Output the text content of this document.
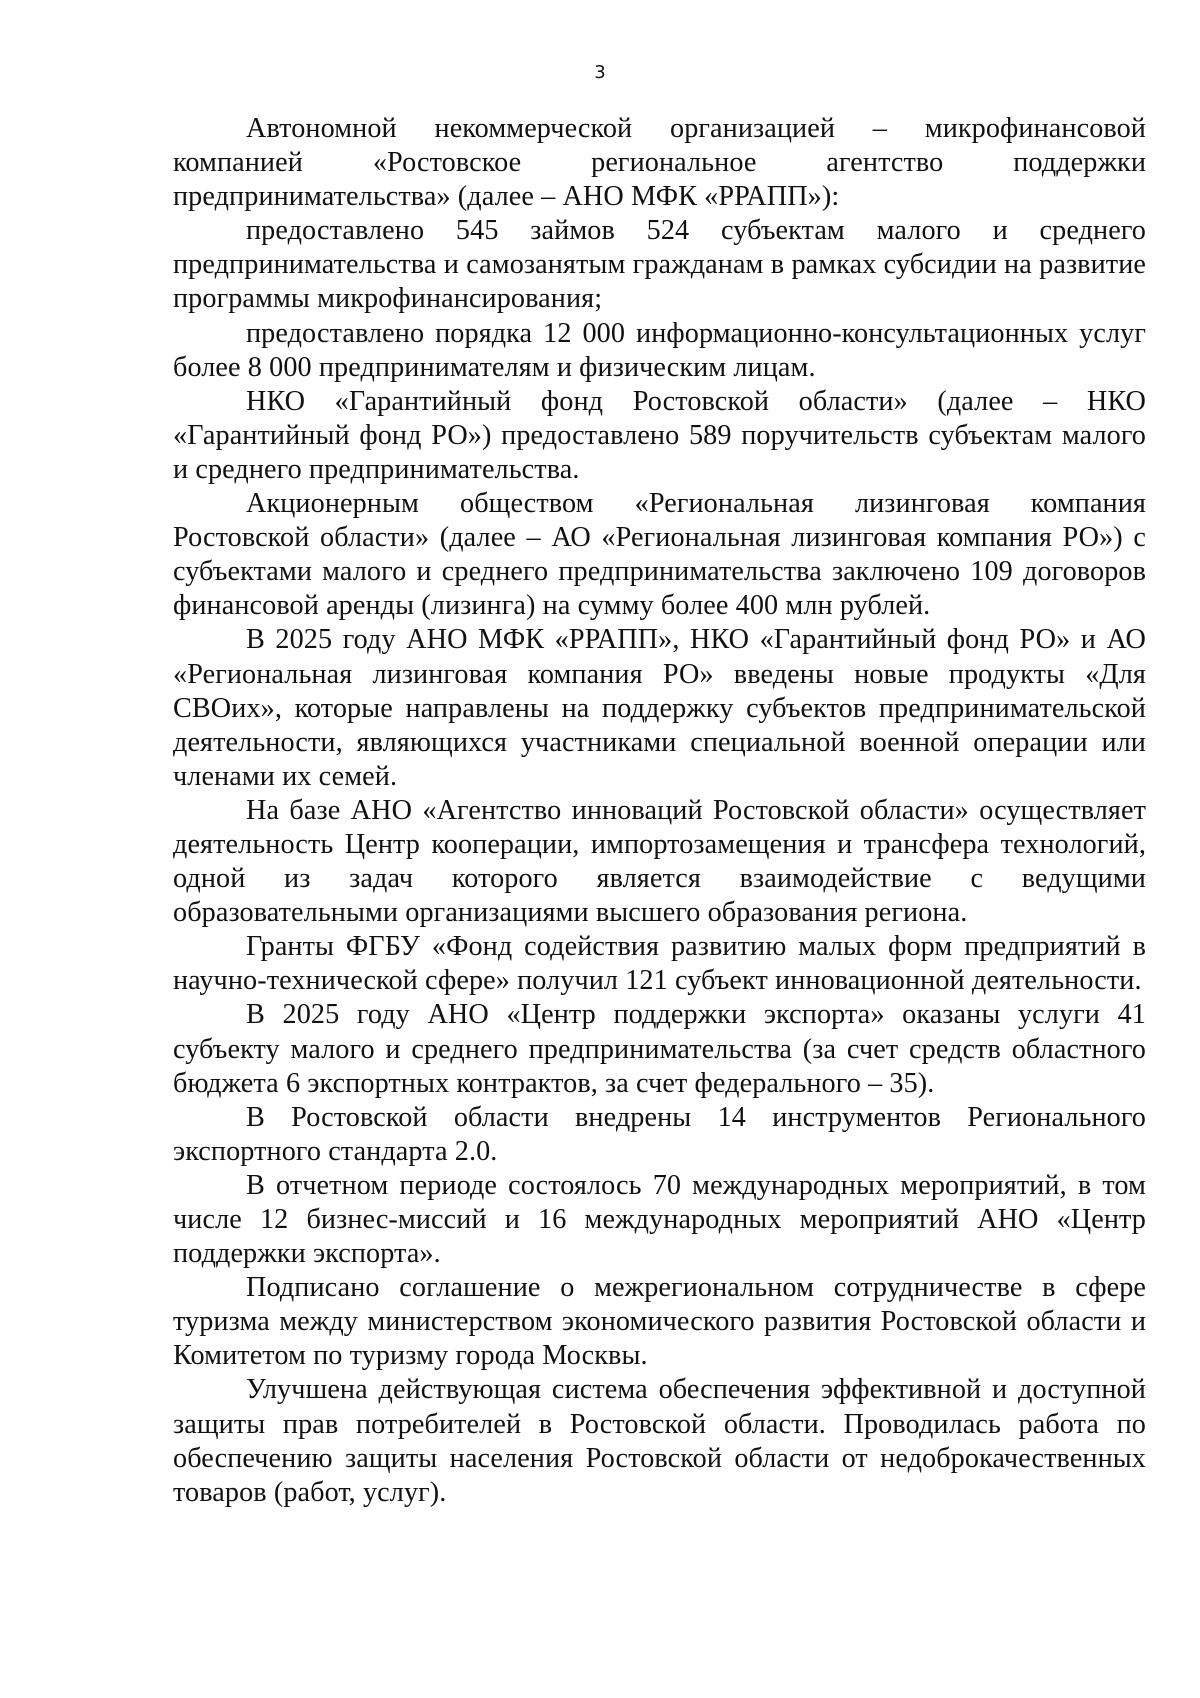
3

Автономной некоммерческой организацией – микрофинансовой компанией «Ростовское региональное агентство поддержки предпринимательства» (далее – АНО МФК «РРАПП»):

предоставлено 545 займов 524 субъектам малого и среднего предпринимательства и самозанятым гражданам в рамках субсидии на развитие программы микрофинансирования;

предоставлено порядка 12 000 информационно-консультационных услуг более 8 000 предпринимателям и физическим лицам.

НКО «Гарантийный фонд Ростовской области» (далее – НКО «Гарантийный фонд РО») предоставлено 589 поручительств субъектам малого и среднего предпринимательства.

Акционерным обществом «Региональная лизинговая компания Ростовской области» (далее – АО «Региональная лизинговая компания РО») с субъектами малого и среднего предпринимательства заключено 109 договоров финансовой аренды (лизинга) на сумму более 400 млн рублей.

В 2025 году АНО МФК «РРАПП», НКО «Гарантийный фонд РО» и АО «Региональная лизинговая компания РО» введены новые продукты «Для СВОих», которые направлены на поддержку субъектов предпринимательской деятельности, являющихся участниками специальной военной операции или членами их семей.

На базе АНО «Агентство инноваций Ростовской области» осуществляет деятельность Центр кооперации, импортозамещения и трансфера технологий, одной из задач которого является взаимодействие с ведущими образовательными организациями высшего образования региона.

Гранты ФГБУ «Фонд содействия развитию малых форм предприятий в научно-технической сфере» получил 121 субъект инновационной деятельности.

В 2025 году АНО «Центр поддержки экспорта» оказаны услуги 41 субъекту малого и среднего предпринимательства (за счет средств областного бюджета 6 экспортных контрактов, за счет федерального – 35).

В Ростовской области внедрены 14 инструментов Регионального экспортного стандарта 2.0.

В отчетном периоде состоялось 70 международных мероприятий, в том числе 12 бизнес-миссий и 16 международных мероприятий АНО «Центр поддержки экспорта».

Подписано соглашение о межрегиональном сотрудничестве в сфере туризма между министерством экономического развития Ростовской области и Комитетом по туризму города Москвы.

Улучшена действующая система обеспечения эффективной и доступной защиты прав потребителей в Ростовской области. Проводилась работа по обеспечению защиты населения Ростовской области от недоброкачественных товаров (работ, услуг).
